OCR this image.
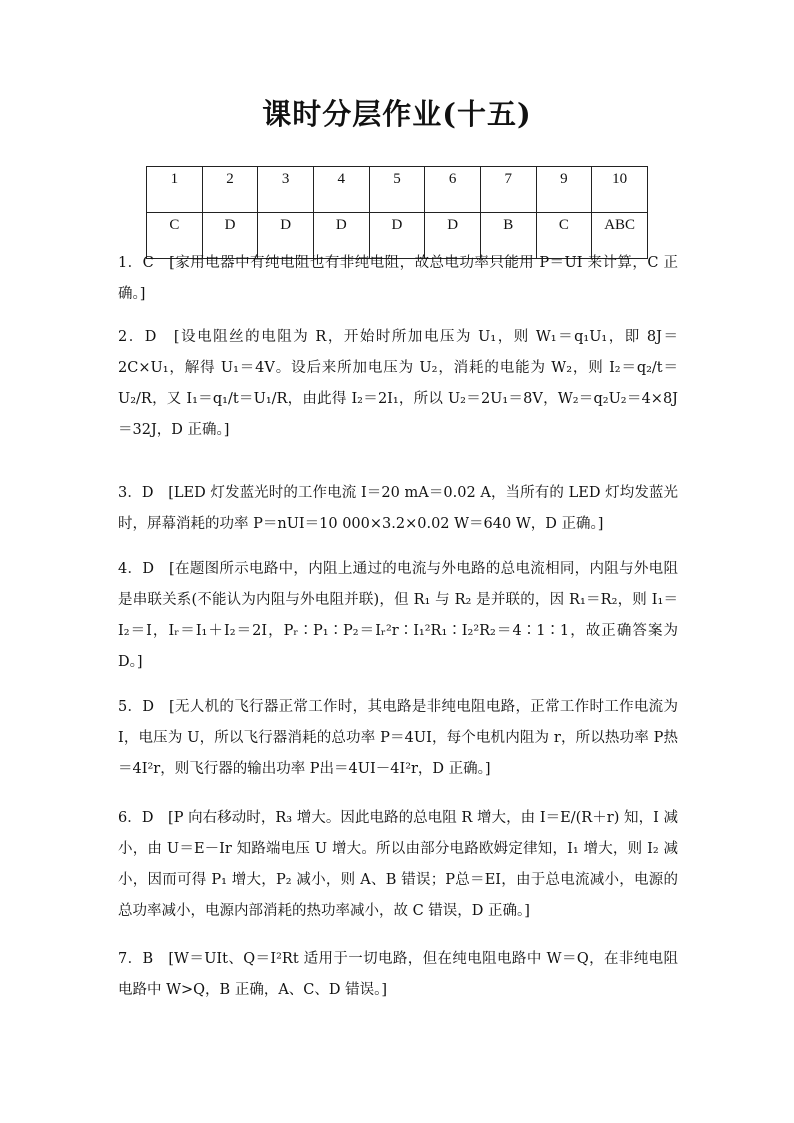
课时分层作业(十五)
1	2	3	4	5	6	7	9	10
C	D	D	D	D	D	B	C	ABC
1．C　[家用电器中有纯电阻也有非纯电阻，故总电功率只能用 P＝UI 来计算，C 正确。]
2．D　[设电阻丝的电阻为 R，开始时所加电压为 U₁，则 W₁＝q₁U₁，即 8J＝2C×U₁，解得 U₁＝4V。设后来所加电压为 U₂，消耗的电能为 W₂，则 I₂＝q₂/t＝U₂/R，又 I₁＝q₁/t＝U₁/R，由此得 I₂＝2I₁，所以 U₂＝2U₁＝8V，W₂＝q₂U₂＝4×8J＝32J，D 正确。]
3．D　[LED 灯发蓝光时的工作电流 I＝20 mA＝0.02 A，当所有的 LED 灯均发蓝光时，屏幕消耗的功率 P＝nUI＝10 000×3.2×0.02 W＝640 W，D 正确。]
4．D　[在题图所示电路中，内阻上通过的电流与外电路的总电流相同，内阻与外电阻是串联关系(不能认为内阻与外电阻并联)，但 R₁ 与 R₂ 是并联的，因 R₁＝R₂，则 I₁＝I₂＝I，Iᵣ＝I₁＋I₂＝2I，Pᵣ∶P₁∶P₂＝Iᵣ²r∶I₁²R₁∶I₂²R₂＝4∶1∶1，故正确答案为 D。]
5．D　[无人机的飞行器正常工作时，其电路是非纯电阻电路，正常工作时工作电流为 I，电压为 U，所以飞行器消耗的总功率 P＝4UI，每个电机内阻为 r，所以热功率 P热＝4I²r，则飞行器的输出功率 P出＝4UI－4I²r，D 正确。]
6．D　[P 向右移动时，R₃ 增大。因此电路的总电阻 R 增大，由 I＝E/(R＋r) 知，I 减小，由 U＝E－Ir 知路端电压 U 增大。所以由部分电路欧姆定律知，I₁ 增大，则 I₂ 减小，因而可得 P₁ 增大，P₂ 减小，则 A、B 错误；P总＝EI，由于总电流减小，电源的总功率减小，电源内部消耗的热功率减小，故 C 错误，D 正确。]
7．B　[W＝UIt、Q＝I²Rt 适用于一切电路，但在纯电阻电路中 W＝Q，在非纯电阻电路中 W>Q，B 正确，A、C、D 错误。]
